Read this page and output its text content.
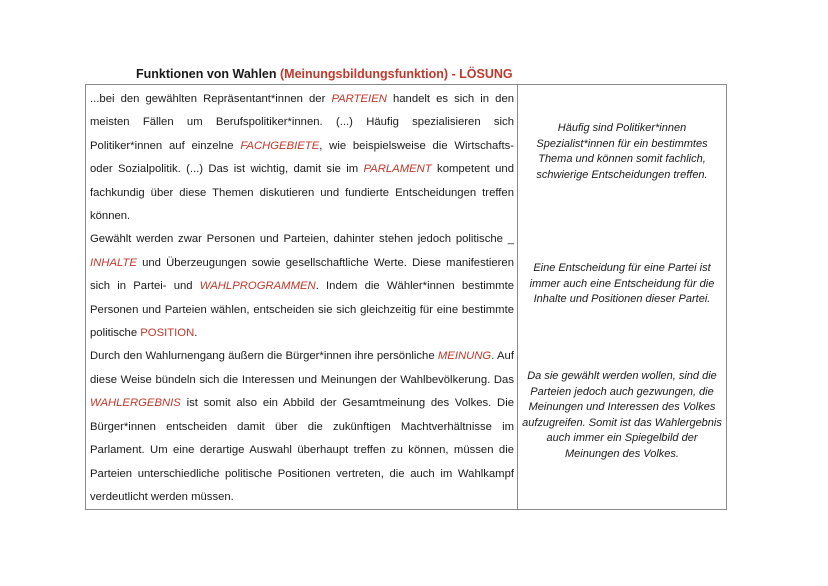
Funktionen von Wahlen (Meinungsbildungsfunktion) - LÖSUNG
...bei den gewählten Repräsentant*innen der PARTEIEN handelt es sich in den meisten Fällen um Berufspolitiker*innen. (...) Häufig spezialisieren sich Politiker*innen auf einzelne FACHGEBIETE, wie beispielsweise die Wirtschafts- oder Sozialpolitik. (...) Das ist wichtig, damit sie im PARLAMENT kompetent und fachkundig über diese Themen diskutieren und fundierte Entscheidungen treffen können.
Gewählt werden zwar Personen und Parteien, dahinter stehen jedoch politische _ INHALTE und Überzeugungen sowie gesellschaftliche Werte. Diese manifestieren sich in Partei- und WAHLPROGRAMMEN. Indem die Wähler*innen bestimmte Personen und Parteien wählen, entscheiden sie sich gleichzeitig für eine bestimmte politische POSITION.
Durch den Wahlurnengang äußern die Bürger*innen ihre persönliche MEINUNG. Auf diese Weise bündeln sich die Interessen und Meinungen der Wahlbevölkerung. Das WAHLERGEBNIS ist somit also ein Abbild der Gesamtmeinung des Volkes. Die Bürger*innen entscheiden damit über die zukünftigen Machtverhältnisse im Parlament. Um eine derartige Auswahl überhaupt treffen zu können, müssen die Parteien unterschiedliche politische Positionen vertreten, die auch im Wahlkampf verdeutlicht werden müssen.
Häufig sind Politiker*innen Spezialist*innen für ein bestimmtes Thema und können somit fachlich, schwierige Entscheidungen treffen.
Eine Entscheidung für eine Partei ist immer auch eine Entscheidung für die Inhalte und Positionen dieser Partei.
Da sie gewählt werden wollen, sind die Parteien jedoch auch gezwungen, die Meinungen und Interessen des Volkes aufzugreifen. Somit ist das Wahlergebnis auch immer ein Spiegelbild der Meinungen des Volkes.
